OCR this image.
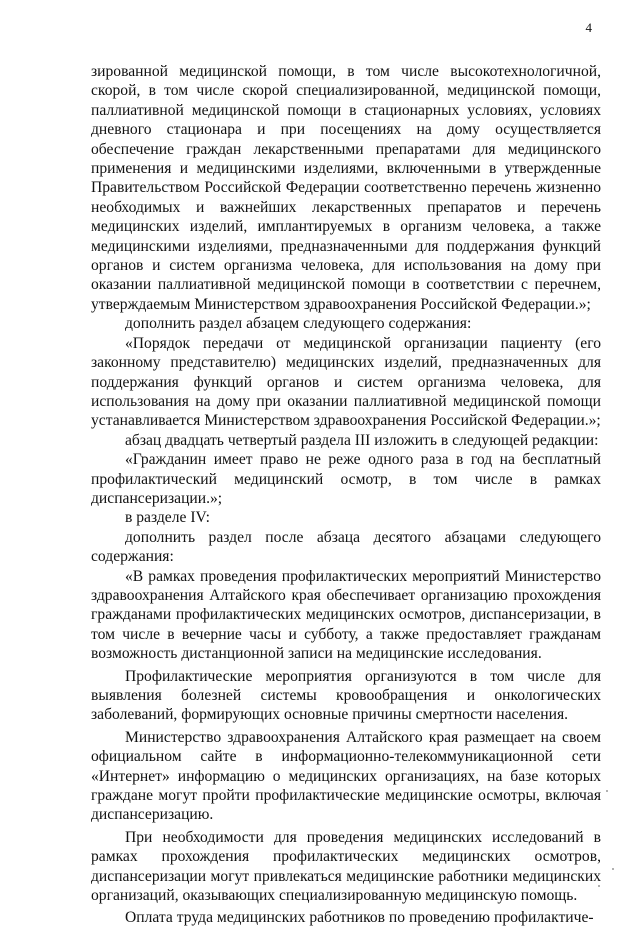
4

зированной медицинской помощи, в том числе высокотехнологичной, скорой, в том числе скорой специализированной, медицинской помощи, паллиативной медицинской помощи в стационарных условиях, условиях дневного стационара и при посещениях на дому осуществляется обеспечение граждан лекарственными препаратами для медицинского применения и медицинскими изделиями, включенными в утвержденные Правительством Российской Федерации соответственно перечень жизненно необходимых и важнейших лекарственных препаратов и перечень медицинских изделий, имплантируемых в организм человека, а также медицинскими изделиями, предназначенными для поддержания функций органов и систем организма человека, для использования на дому при оказании паллиативной медицинской помощи в соответствии с перечнем, утверждаемым Министерством здравоохранения Российской Федерации.»;

дополнить раздел абзацем следующего содержания:

«Порядок передачи от медицинской организации пациенту (его законному представителю) медицинских изделий, предназначенных для поддержания функций органов и систем организма человека, для использования на дому при оказании паллиативной медицинской помощи устанавливается Министерством здравоохранения Российской Федерации.»;

абзац двадцать четвертый раздела III изложить в следующей редакции:

«Гражданин имеет право не реже одного раза в год на бесплатный профилактический медицинский осмотр, в том числе в рамках диспансеризации.»;

в разделе IV:

дополнить раздел после абзаца десятого абзацами следующего содержания:

«В рамках проведения профилактических мероприятий Министерство здравоохранения Алтайского края обеспечивает организацию прохождения гражданами профилактических медицинских осмотров, диспансеризации, в том числе в вечерние часы и субботу, а также предоставляет гражданам возможность дистанционной записи на медицинские исследования.

Профилактические мероприятия организуются в том числе для выявления болезней системы кровообращения и онкологических заболеваний, формирующих основные причины смертности населения.

Министерство здравоохранения Алтайского края размещает на своем официальном сайте в информационно-телекоммуникационной сети «Интернет» информацию о медицинских организациях, на базе которых граждане могут пройти профилактические медицинские осмотры, включая диспансеризацию.

При необходимости для проведения медицинских исследований в рамках прохождения профилактических медицинских осмотров, диспансеризации могут привлекаться медицинские работники медицинских организаций, оказывающих специализированную медицинскую помощь.

Оплата труда медицинских работников по проведению профилактиче-
